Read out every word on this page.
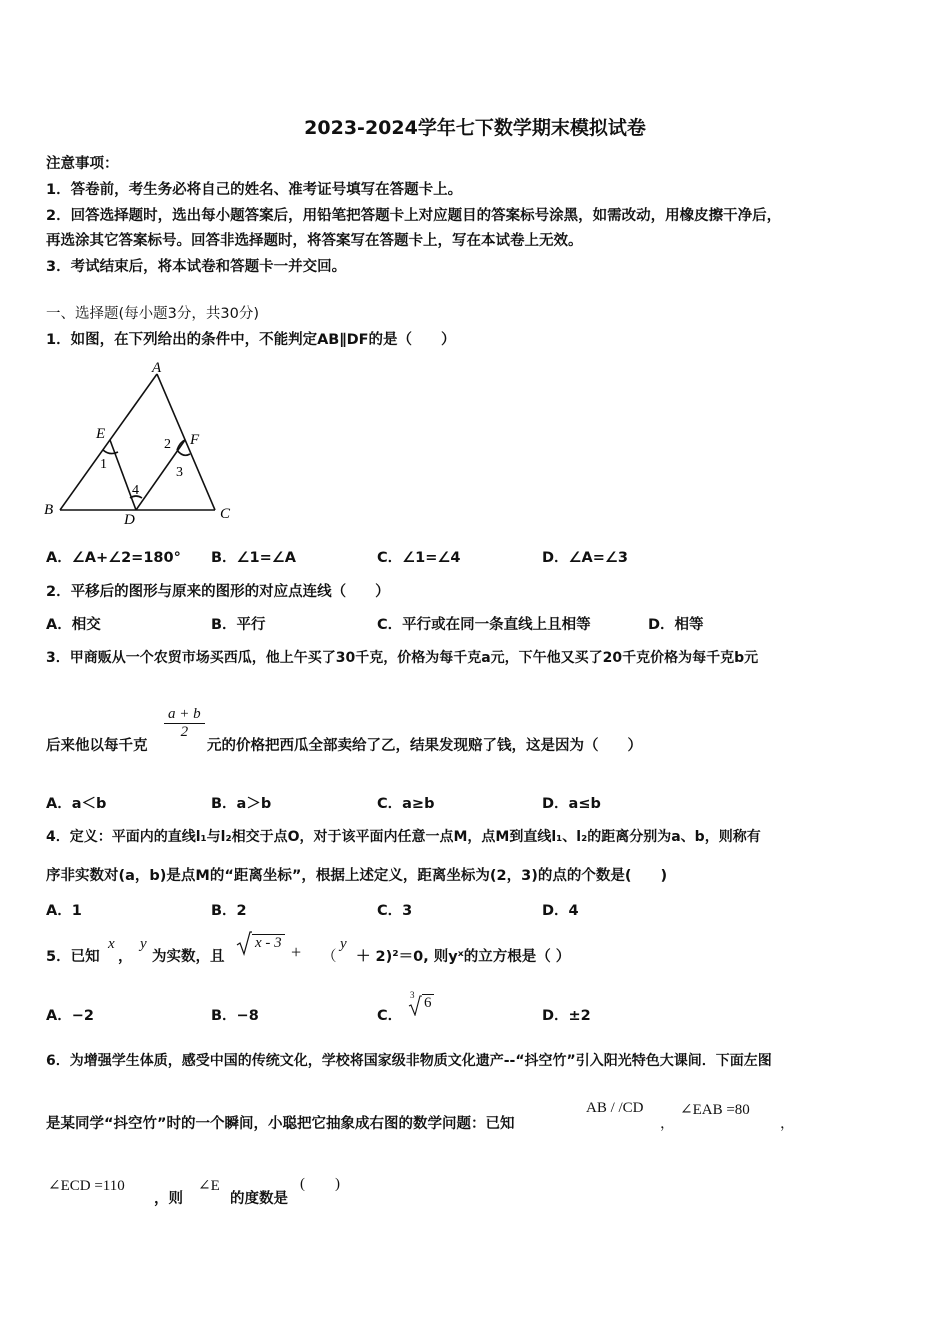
2023-2024学年七下数学期末模拟试卷
注意事项：
1．答卷前，考生务必将自己的姓名、准考证号填写在答题卡上。
2．回答选择题时，选出每小题答案后，用铅笔把答题卡上对应题目的答案标号涂黑，如需改动，用橡皮擦干净后，
再选涂其它答案标号。回答非选择题时，将答案写在答题卡上，写在本试卷上无效。
3．考试结束后，将本试卷和答题卡一并交回。
一、选择题(每小题3分，共30分)
1．如图，在下列给出的条件中，不能判定AB∥DF的是（　　）
A
B	C
D
E	F
1
2
3
4
A．∠A+∠2=180° B．∠1=∠A	C．∠1=∠4	D．∠A=∠3
2．平移后的图形与原来的图形的对应点连线（　　）
A．相交	B．平行	C．平行或在同一条直线上且相等	D．相等
3．甲商贩从一个农贸市场买西瓜，他上午买了30千克，价格为每千克a元，下午他又买了20千克价格为每千克b元
后来他以每千克
$\frac{a + b}{2}$
元的价格把西瓜全部卖给了乙，结果发现赔了钱，这是因为（　　）
A．a＜b	B．a＞b	C．a≥b	D．a≤b
4．定义：平面内的直线l₁与l₂相交于点O，对于该平面内任意一点M，点M到直线l₁、l₂的距离分别为a、b，则称有
序非实数对(a，b)是点M的“距离坐标”，根据上述定义，距离坐标为(2，3)的点的个数是(　　)
A．1	B．2	C．3	D．4
5．已知
x
，
y
为实数，且
x - 3 + （
y
＋ 2)²＝0, 则yˣ的立方根是（ ）
A．−2	B．−8	C．
3 6
D．±2
6．为增强学生体质，感受中国的传统文化，学校将国家级非物质文化遗产--“抖空竹”引入阳光特色大课间．下面左图
是某同学“抖空竹”时的一个瞬间，小聪把它抽象成右图的数学问题：已知
AB / /CD
，
∠EAB =80
，
∠ECD =110
，则
∠E
的度数是
(　　)
